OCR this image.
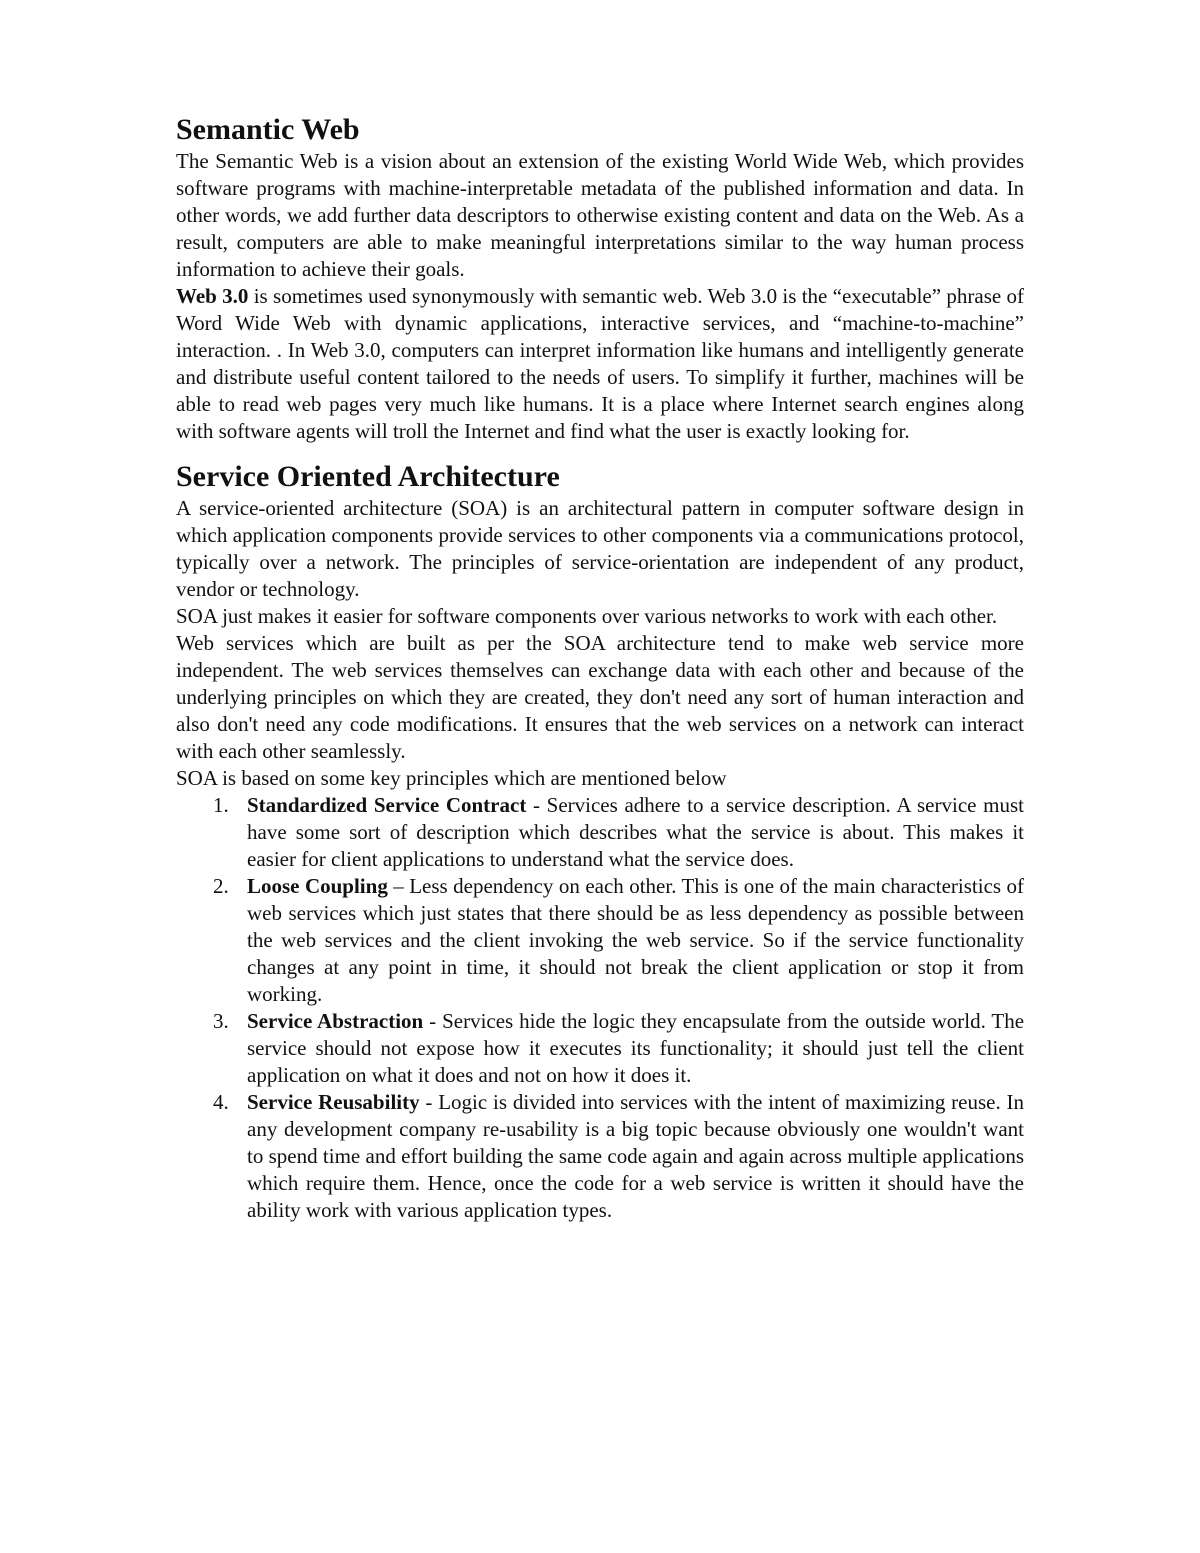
Semantic Web

The Semantic Web is a vision about an extension of the existing World Wide Web, which provides software programs with machine-interpretable metadata of the published information and data. In other words, we add further data descriptors to otherwise existing content and data on the Web. As a result, computers are able to make meaningful interpretations similar to the way human process information to achieve their goals.

Web 3.0 is sometimes used synonymously with semantic web. Web 3.0 is the “executable” phrase of Word Wide Web with dynamic applications, interactive services, and “machine-to-machine” interaction. . In Web 3.0, computers can interpret information like humans and intelligently generate and distribute useful content tailored to the needs of users. To simplify it further, machines will be able to read web pages very much like humans. It is a place where Internet search engines along with software agents will troll the Internet and find what the user is exactly looking for.

Service Oriented Architecture

A service-oriented architecture (SOA) is an architectural pattern in computer software design in which application components provide services to other components via a communications protocol, typically over a network. The principles of service-orientation are independent of any product, vendor or technology.

SOA just makes it easier for software components over various networks to work with each other.

Web services which are built as per the SOA architecture tend to make web service more independent. The web services themselves can exchange data with each other and because of the underlying principles on which they are created, they don't need any sort of human interaction and also don't need any code modifications. It ensures that the web services on a network can interact with each other seamlessly.

SOA is based on some key principles which are mentioned below

1. Standardized Service Contract - Services adhere to a service description. A service must have some sort of description which describes what the service is about. This makes it easier for client applications to understand what the service does.
2. Loose Coupling – Less dependency on each other. This is one of the main characteristics of web services which just states that there should be as less dependency as possible between the web services and the client invoking the web service. So if the service functionality changes at any point in time, it should not break the client application or stop it from working.
3. Service Abstraction - Services hide the logic they encapsulate from the outside world. The service should not expose how it executes its functionality; it should just tell the client application on what it does and not on how it does it.
4. Service Reusability - Logic is divided into services with the intent of maximizing reuse. In any development company re-usability is a big topic because obviously one wouldn't want to spend time and effort building the same code again and again across multiple applications which require them. Hence, once the code for a web service is written it should have the ability work with various application types.
